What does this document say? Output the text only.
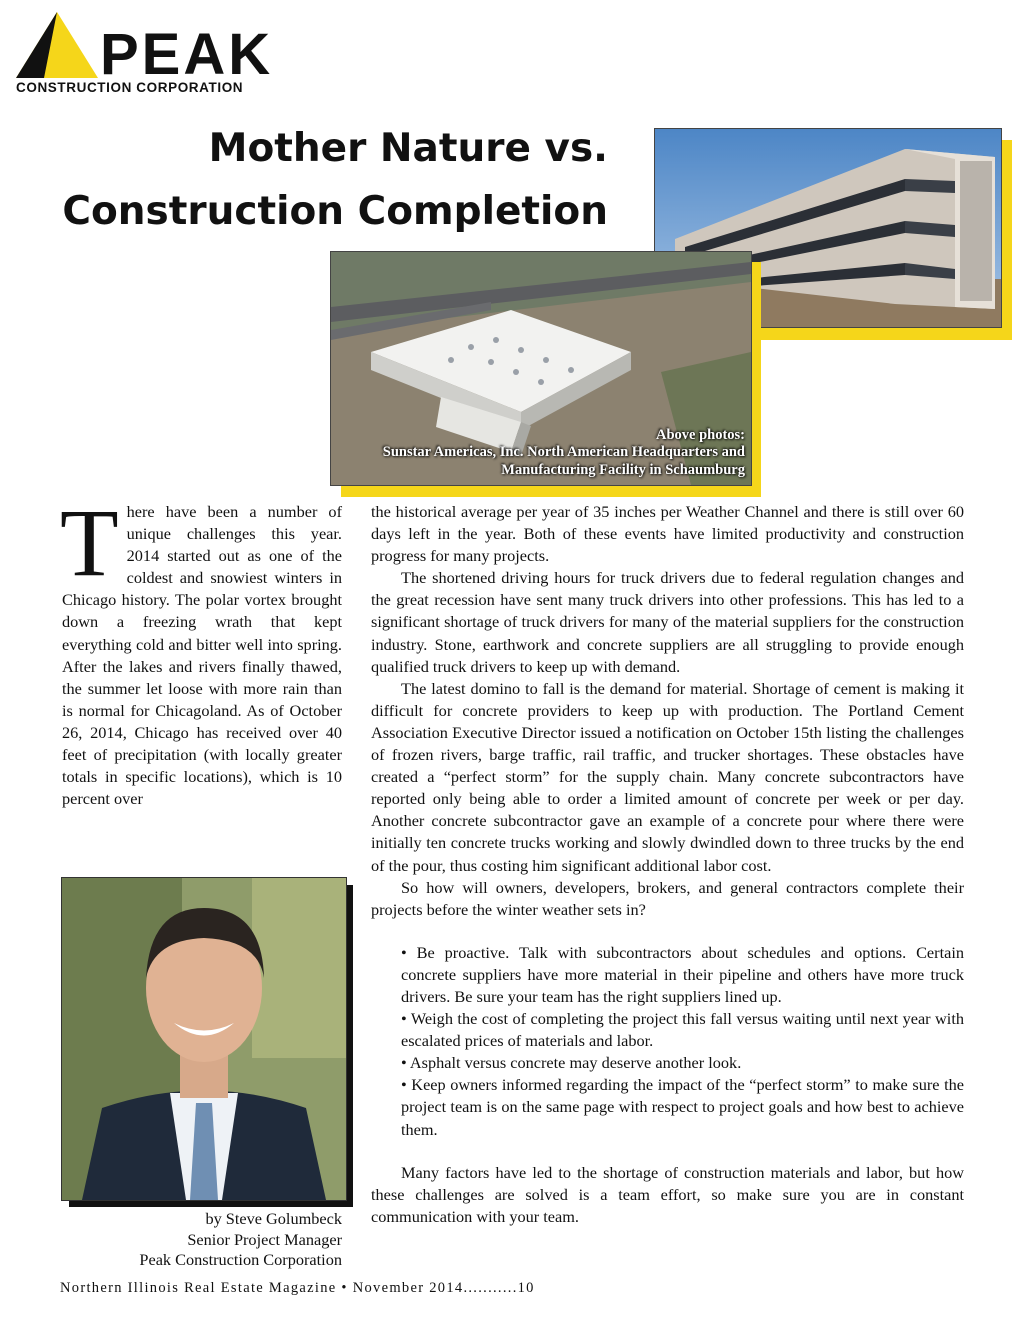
PEAK
CONSTRUCTION CORPORATION
Mother Nature vs.
Construction Completion
Above photos:
Sunstar Americas, Inc. North American Headquarters and
Manufacturing Facility in Schaumburg
T here have been a number of unique challenges this year. 2014 started out as one of the coldest and snowiest winters in Chicago history. The polar vortex brought down a freezing wrath that kept everything cold and bitter well into spring. After the lakes and rivers finally thawed, the summer let loose with more rain than is normal for Chicagoland. As of October 26, 2014, Chicago has received over 40 feet of precipitation (with locally greater totals in specific locations), which is 10 percent over

the historical average per year of 35 inches per Weather Channel and there is still over 60 days left in the year. Both of these events have limited productivity and construction progress for many projects.

The shortened driving hours for truck drivers due to federal regulation changes and the great recession have sent many truck drivers into other professions. This has led to a significant shortage of truck drivers for many of the material suppliers for the construction industry. Stone, earthwork and concrete suppliers are all struggling to provide enough qualified truck drivers to keep up with demand.

The latest domino to fall is the demand for material. Shortage of cement is making it difficult for concrete providers to keep up with production. The Portland Cement Association Executive Director issued a notification on October 15th listing the challenges of frozen rivers, barge traffic, rail traffic, and trucker shortages. These obstacles have created a “perfect storm” for the supply chain. Many concrete subcontractors have reported only being able to order a limited amount of concrete per week or per day. Another concrete subcontractor gave an example of a concrete pour where there were initially ten concrete trucks working and slowly dwindled down to three trucks by the end of the pour, thus costing him significant additional labor cost.

So how will owners, developers, brokers, and general contractors complete their projects before the winter weather sets in?

• Be proactive. Talk with subcontractors about schedules and options. Certain concrete suppliers have more material in their pipeline and others have more truck drivers. Be sure your team has the right suppliers lined up.
• Weigh the cost of completing the project this fall versus waiting until next year with escalated prices of materials and labor.
• Asphalt versus concrete may deserve another look.
• Keep owners informed regarding the impact of the “perfect storm” to make sure the project team is on the same page with respect to project goals and how best to achieve them.

Many factors have led to the shortage of construction materials and labor, but how these challenges are solved is a team effort, so make sure you are in constant communication with your team.

by Steve Golumbeck
Senior Project Manager
Peak Construction Corporation
Northern Illinois Real Estate Magazine • November 2014...........10
